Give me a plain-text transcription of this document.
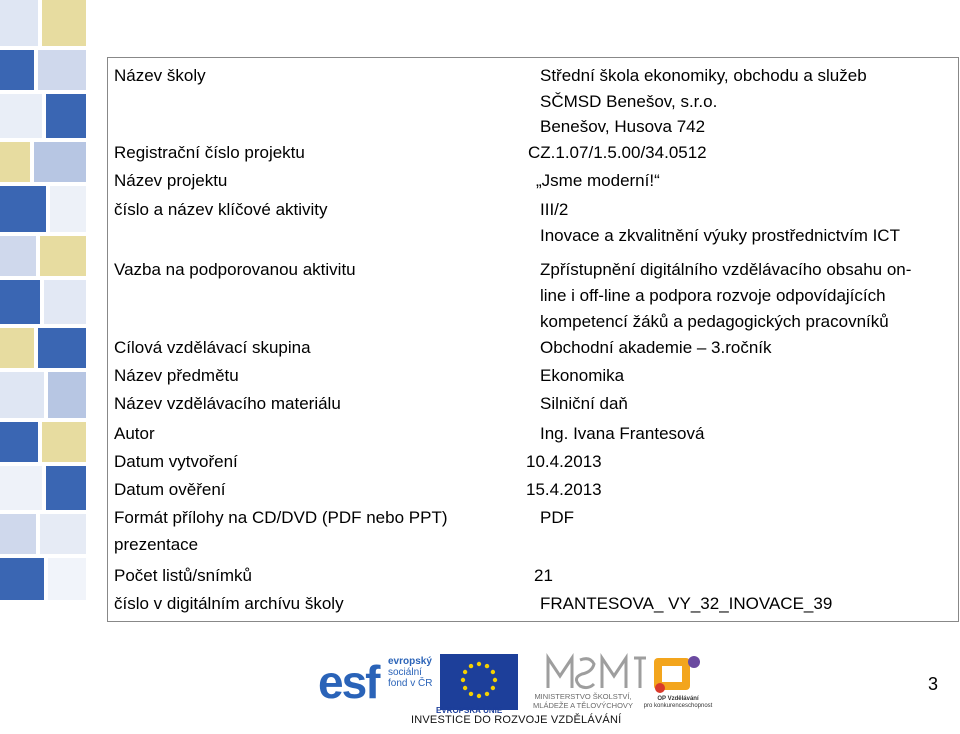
Název školy	Střední škola ekonomiky, obchodu a služeb
SČMSD Benešov, s.r.o.
Benešov, Husova 742
Registrační číslo projektu	CZ.1.07/1.5.00/34.0512
Název projektu	„Jsme moderní!“
číslo a název klíčové aktivity	III/2
Inovace a zkvalitnění výuky prostřednictvím ICT
Vazba na podporovanou aktivitu	Zpřístupnění digitálního vzdělávacího obsahu on-
line i off-line a podpora rozvoje odpovídajících
kompetencí žáků a pedagogických pracovníků
Cílová vzdělávací skupina	Obchodní akademie – 3.ročník
Název předmětu	Ekonomika
Název vzdělávacího materiálu	Silniční daň
Autor	Ing. Ivana Frantesová
Datum vytvoření	10.4.2013
Datum ověření	15.4.2013
Formát přílohy na CD/DVD (PDF nebo PPT)	PDF
prezentace
Počet listů/snímků	21
číslo v digitálním archívu školy	FRANTESOVA_ VY_32_INOVACE_39
esf evropský
sociální
fond v ČR
EVROPSKÁ UNIE
MINISTERSTVO ŠKOLSTVÍ,
MLÁDEŽE A TĚLOVÝCHOVY
OP Vzdělávání
pro konkurenceschopnost
INVESTICE DO ROZVOJE VZDĚLÁVÁNÍ
3
